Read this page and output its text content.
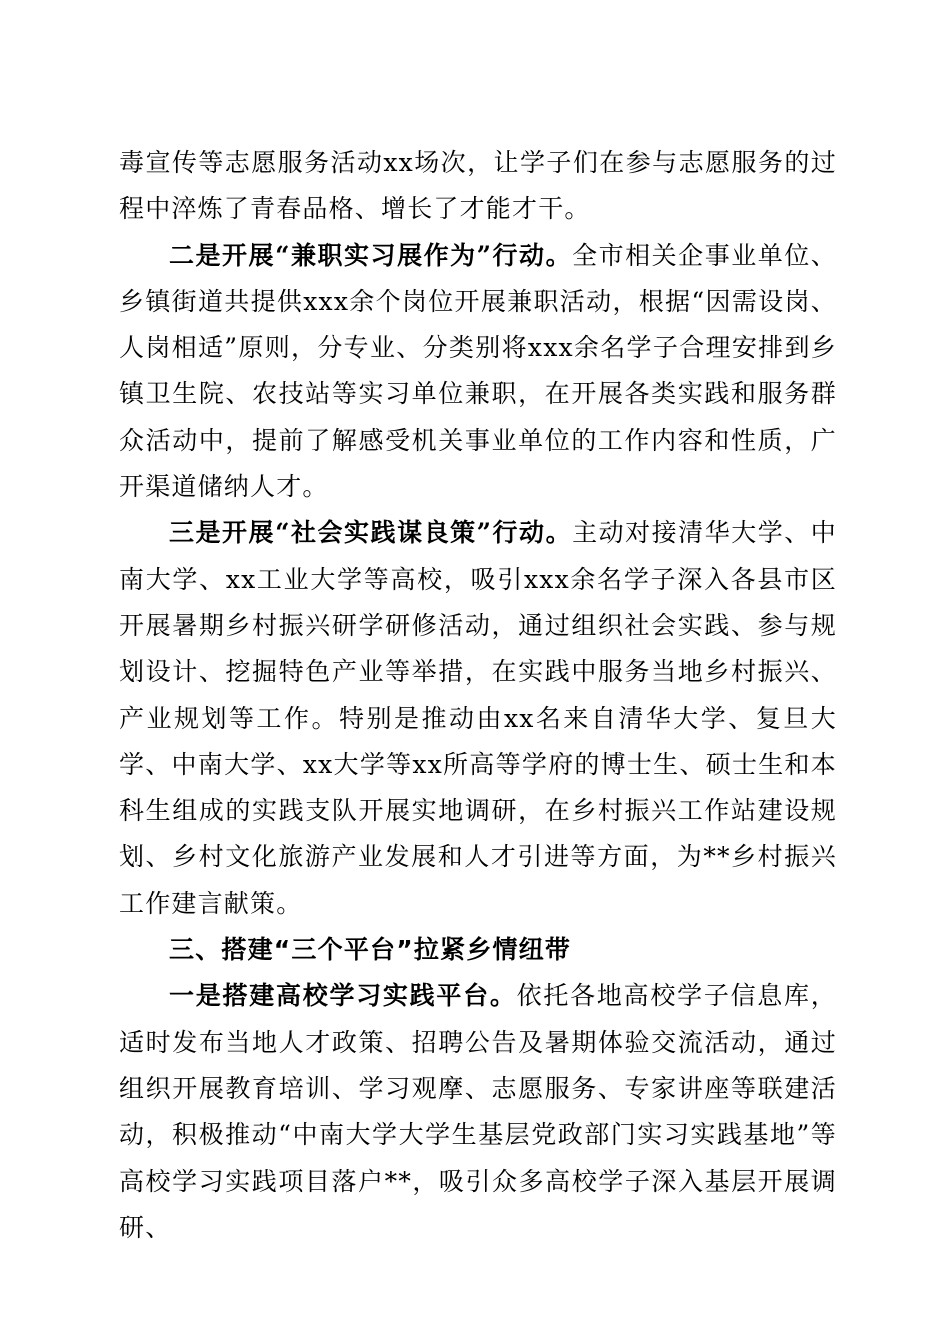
毒宣传等志愿服务活动xx场次，让学子们在参与志愿服务的过程中淬炼了青春品格、增长了才能才干。

二是开展“兼职实习展作为”行动。全市相关企事业单位、乡镇街道共提供xxx余个岗位开展兼职活动，根据“因需设岗、人岗相适”原则，分专业、分类别将xxx余名学子合理安排到乡镇卫生院、农技站等实习单位兼职，在开展各类实践和服务群众活动中，提前了解感受机关事业单位的工作内容和性质，广开渠道储纳人才。

三是开展“社会实践谋良策”行动。主动对接清华大学、中南大学、xx工业大学等高校，吸引xxx余名学子深入各县市区开展暑期乡村振兴研学研修活动，通过组织社会实践、参与规划设计、挖掘特色产业等举措，在实践中服务当地乡村振兴、产业规划等工作。特别是推动由xx名来自清华大学、复旦大学、中南大学、xx大学等xx所高等学府的博士生、硕士生和本科生组成的实践支队开展实地调研，在乡村振兴工作站建设规划、乡村文化旅游产业发展和人才引进等方面，为**乡村振兴工作建言献策。

三、搭建“三个平台”拉紧乡情纽带

一是搭建高校学习实践平台。依托各地高校学子信息库，适时发布当地人才政策、招聘公告及暑期体验交流活动，通过组织开展教育培训、学习观摩、志愿服务、专家讲座等联建活动，积极推动“中南大学大学生基层党政部门实习实践基地”等高校学习实践项目落户**，吸引众多高校学子深入基层开展调研、
